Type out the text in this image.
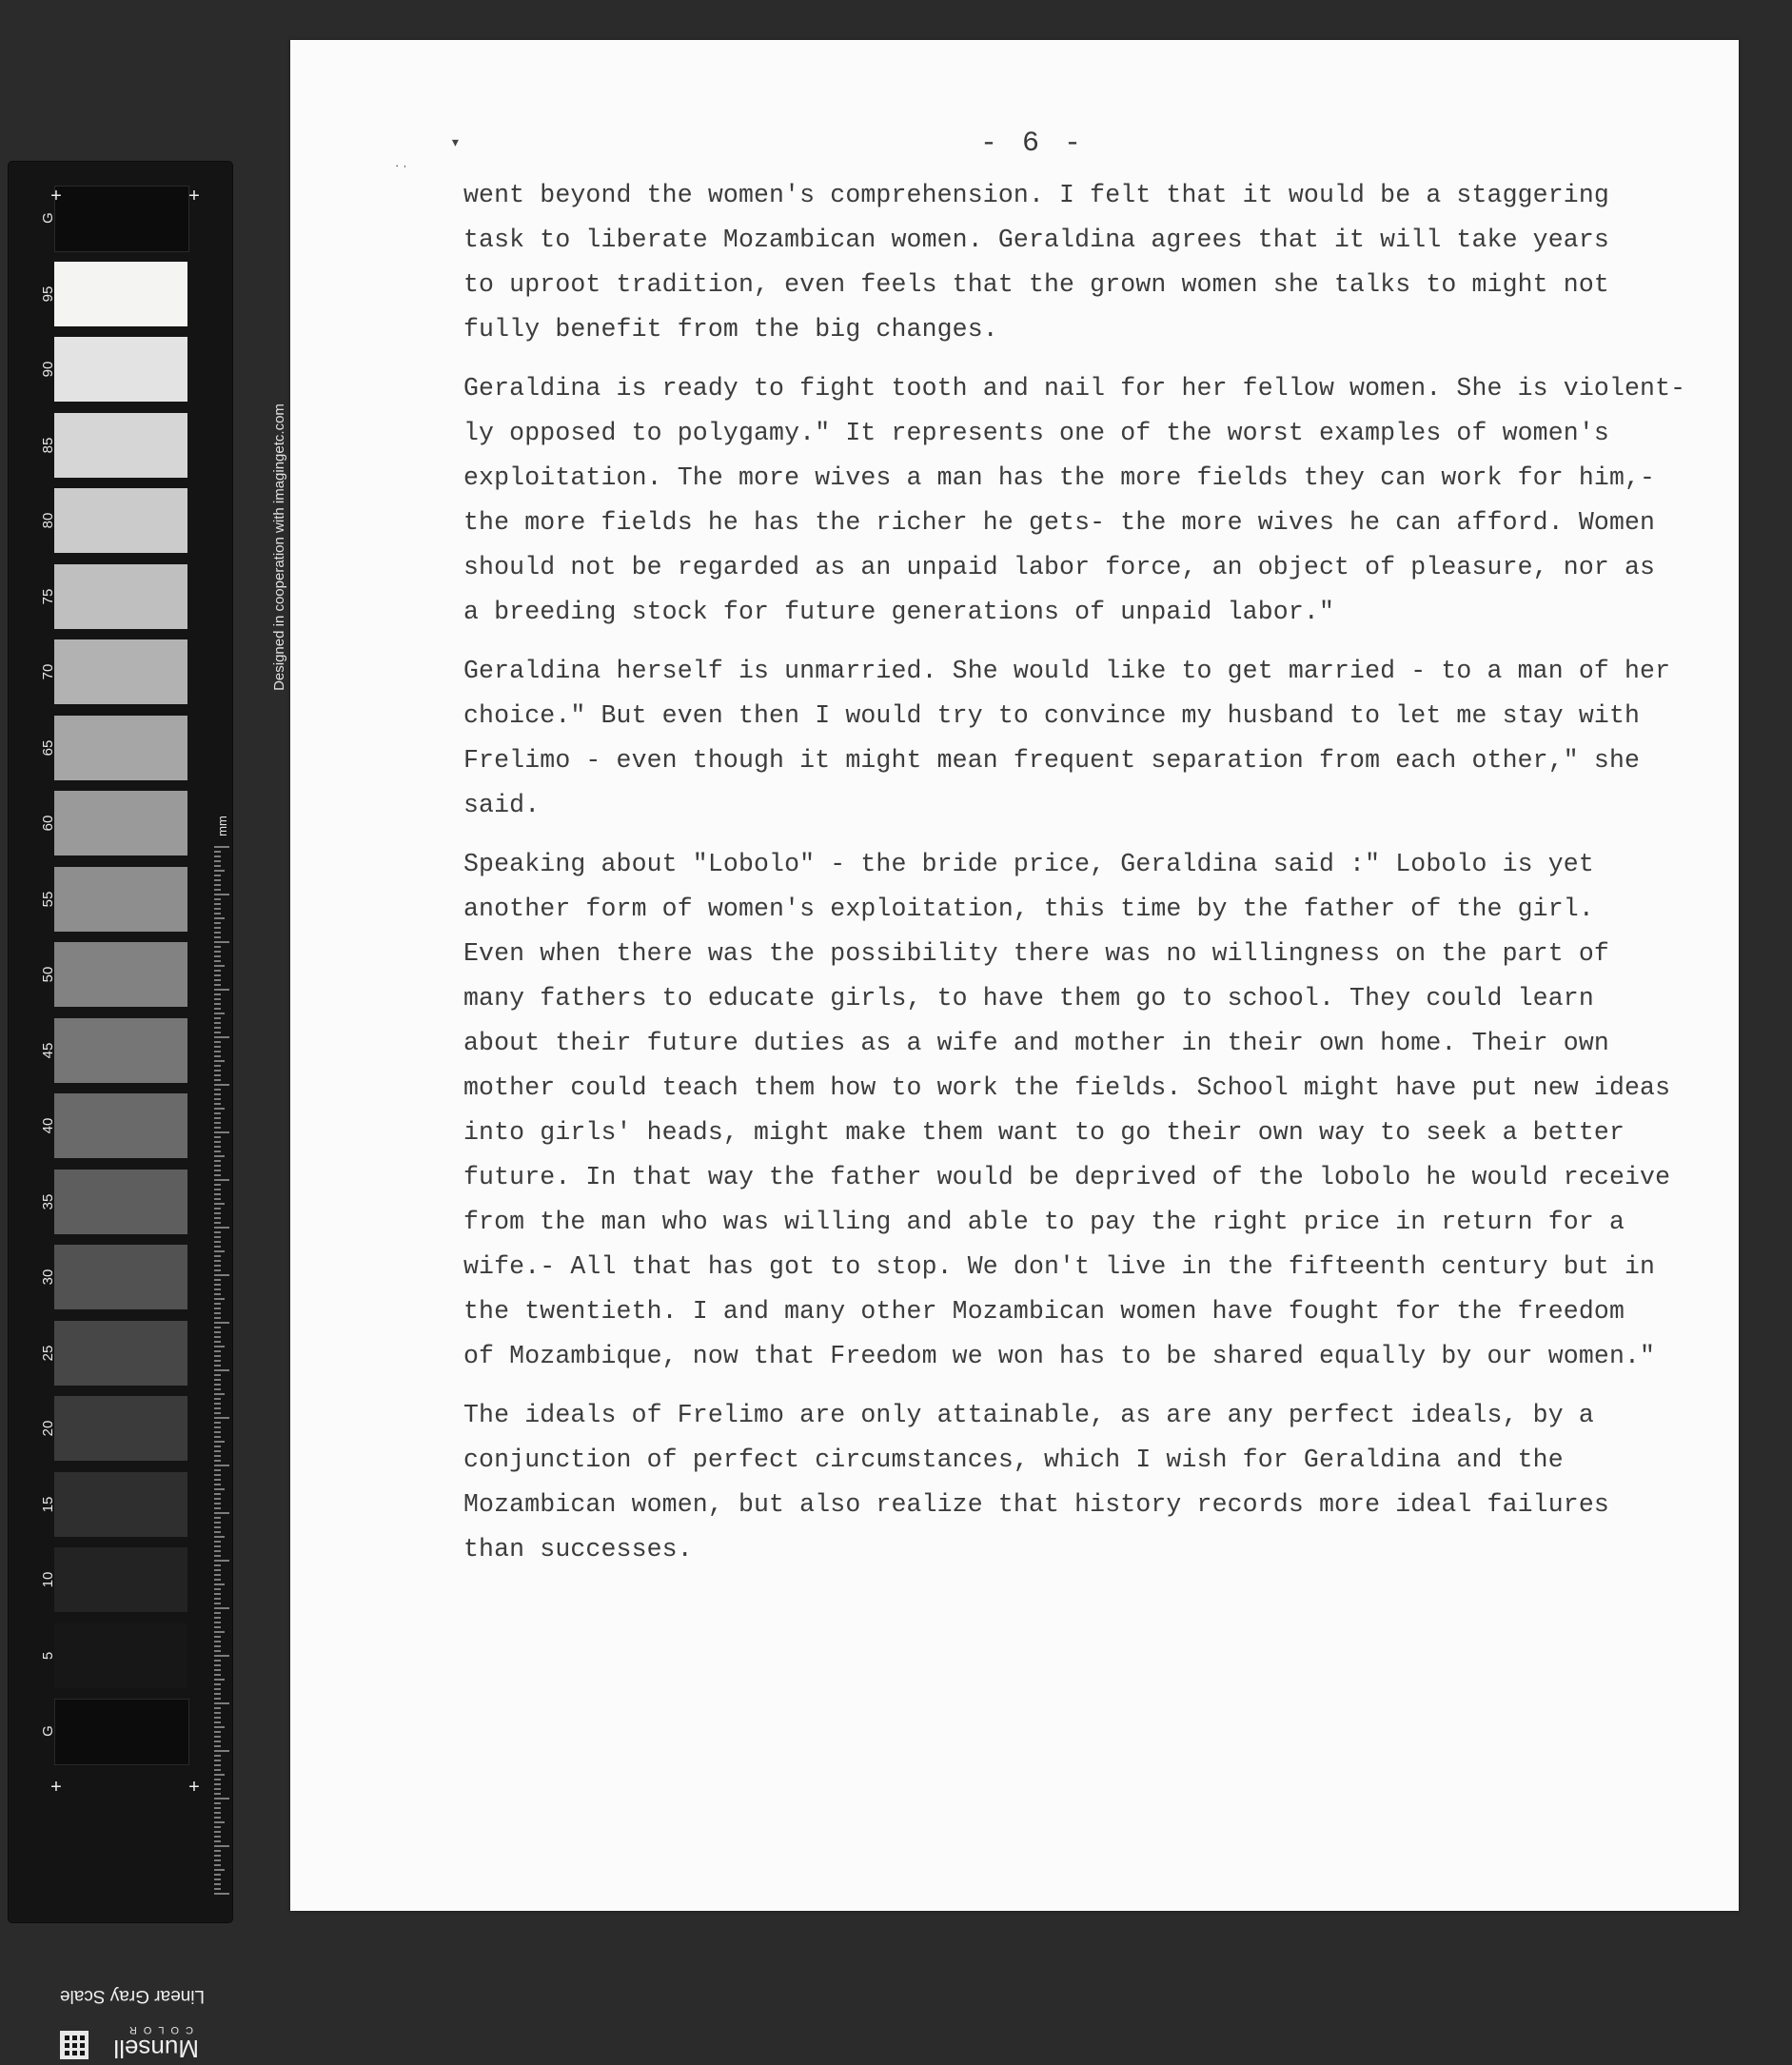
+	+
+	+
Designed in cooperation with imagingetc.com
mm
Linear Gray Scale
Munsell
COLOR
G
95
90
85
80
75
70
65
60
55
50
45
40
35
30
25
20
15
10
5
G
▾
˙ˈ
- 6 -

went beyond the women's comprehension. I felt that it would be a staggering
task to liberate Mozambican women. Geraldina agrees that it will take years
to uproot tradition, even feels that the grown women she talks to might not
fully benefit from the big changes.

Geraldina is ready to fight tooth and nail for her fellow women. She is violent-
ly opposed to polygamy." It represents one of the worst examples of women's
exploitation. The more wives a man has the more fields they can work for him,-
the more fields he has the richer he gets- the more wives he can afford. Women
should not be regarded as an unpaid labor force, an object of pleasure, nor as
a breeding stock for future generations of unpaid labor."

Geraldina herself is unmarried. She would like to get married - to a man of her
choice." But even then I would try to convince my husband to let me stay with
Frelimo - even though it might mean frequent separation from each other," she
said.

Speaking about "Lobolo" - the bride price, Geraldina said :" Lobolo is yet
another form of women's exploitation, this time by the father of the girl.
Even when there was the possibility there was no willingness on the part of
many fathers to educate girls, to have them go to school. They could learn
about their future duties as a wife and mother in their own home. Their own
mother could teach them how to work the fields. School might have put new ideas
into girls' heads, might make them want to go their own way to seek a better
future. In that way the father would be deprived of the lobolo he would receive
from the man who was willing and able to pay the right price in return for a
wife.- All that has got to stop. We don't live in the fifteenth century but in
the twentieth. I and many other Mozambican women have fought for the freedom
of Mozambique, now that Freedom we won has to be shared equally by our women."

The ideals of Frelimo are only attainable, as are any perfect ideals, by a
conjunction of perfect circumstances, which I wish for Geraldina and the
Mozambican women, but also realize that history records more ideal failures
than successes.
